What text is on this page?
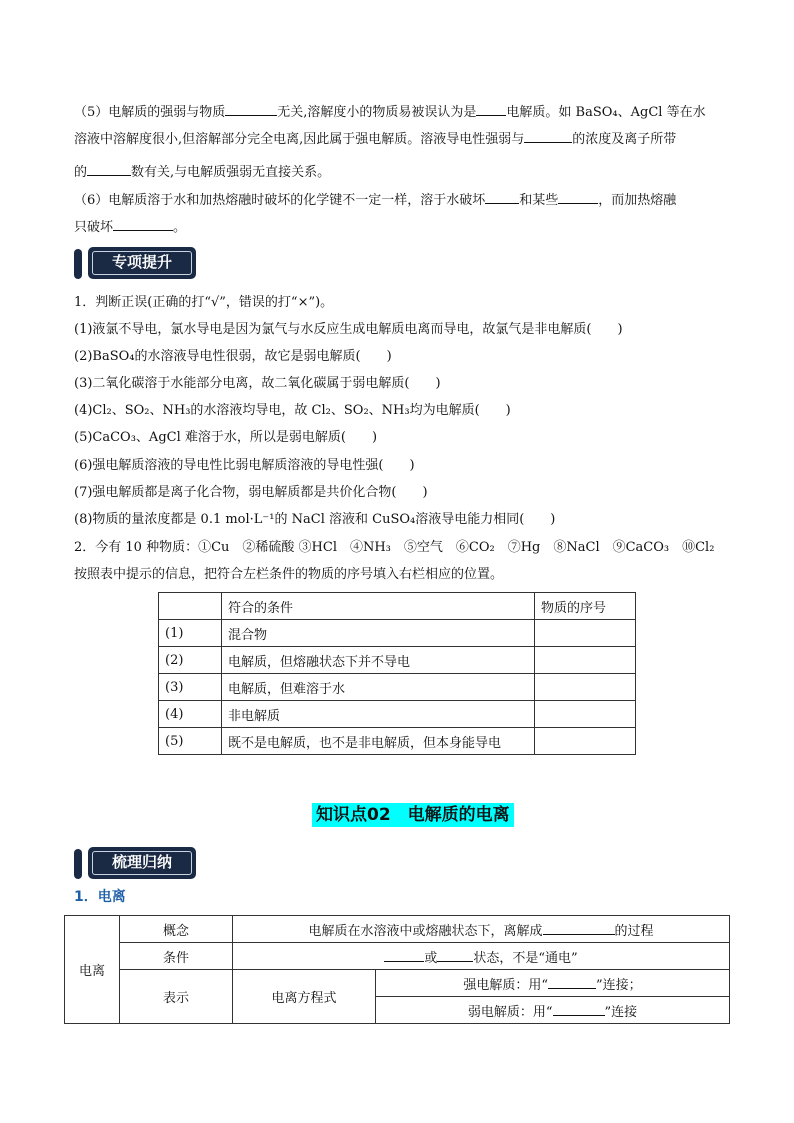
（5）电解质的强弱与物质	无关,溶解度小的物质易被误认为是 电解质。如 BaSO₄、AgCl 等在水
溶液中溶解度很小,但溶解部分完全电离,因此属于强电解质。溶液导电性强弱与	的浓度及离子所带
的	数有关,与电解质强弱无直接关系。
（6）电解质溶于水和加热熔融时破坏的化学键不一定一样，溶于水破坏	和某些	，而加热熔融
只破坏	。
专项提升
1．判断正误(正确的打“√”，错误的打“×”)。
(1)液氯不导电，氯水导电是因为氯气与水反应生成电解质电离而导电，故氯气是非电解质(　　)
(2)BaSO₄的水溶液导电性很弱，故它是弱电解质(　　)
(3)二氧化碳溶于水能部分电离，故二氧化碳属于弱电解质(　　)
(4)Cl₂、SO₂、NH₃的水溶液均导电，故 Cl₂、SO₂、NH₃均为电解质(　　)
(5)CaCO₃、AgCl 难溶于水，所以是弱电解质(　　)
(6)强电解质溶液的导电性比弱电解质溶液的导电性强(　　)
(7)强电解质都是离子化合物，弱电解质都是共价化合物(　　)
(8)物质的量浓度都是 0.1 mol·L⁻¹的 NaCl 溶液和 CuSO₄溶液导电能力相同(　　)
2．今有 10 种物质：①Cu　②稀硫酸 ③HCl　④NH₃　⑤空气　⑥CO₂　⑦Hg　⑧NaCl　⑨CaCO₃　⑩Cl₂
按照表中提示的信息，把符合左栏条件的物质的序号填入右栏相应的位置。
	符合的条件	物质的序号
(1)	混合物	
(2)	电解质，但熔融状态下并不导电	
(3)	电解质，但难溶于水	
(4)	非电解质	
(5)	既不是电解质，也不是非电解质，但本身能导电	
知识点02　电解质的电离
梳理归纳
1．电离
电离	概念	电解质在水溶液中或熔融状态下，离解成 的过程	
	条件	或 状态，不是“通电”	
	表示	电离方程式	强电解质：用“ ”连接；
			弱电解质：用“ ”连接
